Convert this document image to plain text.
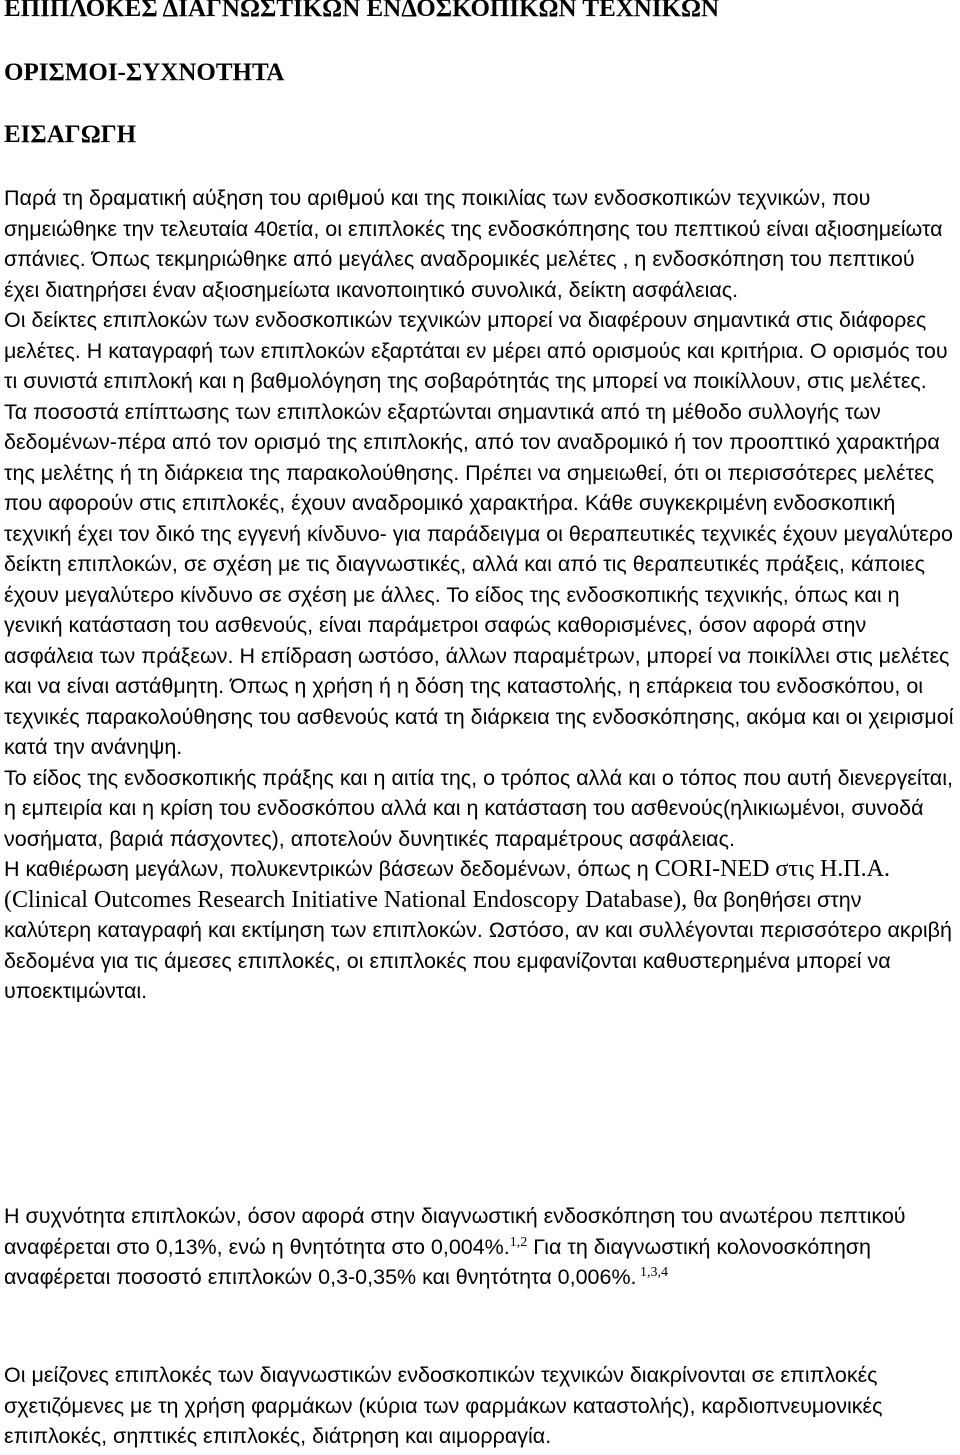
ΕΠΙΠΛΟΚΕΣ ΔΙΑΓΝΩΣΤΙΚΩΝ ΕΝΔΟΣΚΟΠΙΚΩΝ ΤΕΧΝΙΚΩΝ
ΟΡΙΣΜΟΙ-ΣΥΧΝΟΤΗΤΑ
ΕΙΣΑΓΩΓΗ
Παρά τη δραματική αύξηση του αριθμού και της ποικιλίας των ενδοσκοπικών τεχνικών, που σημειώθηκε την τελευταία 40ετία, οι επιπλοκές της ενδοσκόπησης του πεπτικού είναι αξιοσημείωτα σπάνιες. Όπως τεκμηριώθηκε από μεγάλες αναδρομικές μελέτες , η ενδοσκόπηση του πεπτικού έχει διατηρήσει έναν αξιοσημείωτα ικανοποιητικό συνολικά, δείκτη ασφάλειας.
Οι δείκτες επιπλοκών των ενδοσκοπικών τεχνικών μπορεί να διαφέρουν σημαντικά στις διάφορες μελέτες. Η καταγραφή των επιπλοκών εξαρτάται εν μέρει από ορισμούς και κριτήρια. Ο ορισμός του τι συνιστά επιπλοκή και η βαθμολόγηση της σοβαρότητάς της μπορεί να ποικίλλουν, στις μελέτες. Τα ποσοστά επίπτωσης των επιπλοκών εξαρτώνται σημαντικά από τη μέθοδο συλλογής των δεδομένων-πέρα από τον ορισμό της επιπλοκής, από τον αναδρομικό ή τον προοπτικό χαρακτήρα της μελέτης ή τη διάρκεια της παρακολούθησης. Πρέπει να σημειωθεί, ότι οι περισσότερες μελέτες που αφορούν στις επιπλοκές, έχουν αναδρομικό χαρακτήρα. Κάθε συγκεκριμένη ενδοσκοπική τεχνική έχει τον δικό της εγγενή κίνδυνο- για παράδειγμα οι θεραπευτικές τεχνικές έχουν μεγαλύτερο δείκτη επιπλοκών, σε σχέση με τις διαγνωστικές, αλλά και από τις θεραπευτικές πράξεις, κάποιες έχουν μεγαλύτερο κίνδυνο σε σχέση με άλλες. Το είδος της ενδοσκοπικής τεχνικής, όπως και η γενική κατάσταση του ασθενούς, είναι παράμετροι σαφώς καθορισμένες, όσον αφορά στην ασφάλεια των πράξεων. Η επίδραση ωστόσο, άλλων παραμέτρων, μπορεί να ποικίλλει στις μελέτες και να είναι αστάθμητη. Όπως η χρήση ή η δόση της καταστολής, η επάρκεια του ενδοσκόπου, οι τεχνικές παρακολούθησης του ασθενούς κατά τη διάρκεια της ενδοσκόπησης, ακόμα και οι χειρισμοί κατά την ανάνηψη.
Το είδος της ενδοσκοπικής πράξης και η αιτία της, ο τρόπος αλλά και ο τόπος που αυτή διενεργείται, η εμπειρία και η κρίση του ενδοσκόπου αλλά και η κατάσταση του ασθενούς(ηλικιωμένοι, συνοδά νοσήματα, βαριά πάσχοντες), αποτελούν δυνητικές παραμέτρους ασφάλειας.
Η καθιέρωση μεγάλων, πολυκεντρικών βάσεων δεδομένων, όπως η CORI-NED στις Η.Π.Α. (Clinical Outcomes Research Initiative National Endoscopy Database), θα βοηθήσει στην καλύτερη καταγραφή και εκτίμηση των επιπλοκών. Ωστόσο, αν και συλλέγονται περισσότερο ακριβή δεδομένα για τις άμεσες επιπλοκές, οι επιπλοκές που εμφανίζονται καθυστερημένα μπορεί να υποεκτιμώνται.
Η συχνότητα επιπλοκών, όσον αφορά στην διαγνωστική ενδοσκόπηση του ανωτέρου πεπτικού αναφέρεται στο 0,13%, ενώ η θνητότητα στο 0,004%.$^{1,2}$ Για τη διαγνωστική κολονοσκόπηση αναφέρεται ποσοστό επιπλοκών 0,3-0,35% και θνητότητα 0,006%. $^{1,3,4}$
Οι μείζονες επιπλοκές των διαγνωστικών ενδοσκοπικών τεχνικών διακρίνονται σε επιπλοκές σχετιζόμενες με τη χρήση φαρμάκων (κύρια των φαρμάκων καταστολής), καρδιοπνευμονικές επιπλοκές, σηπτικές επιπλοκές, διάτρηση και αιμορραγία.
